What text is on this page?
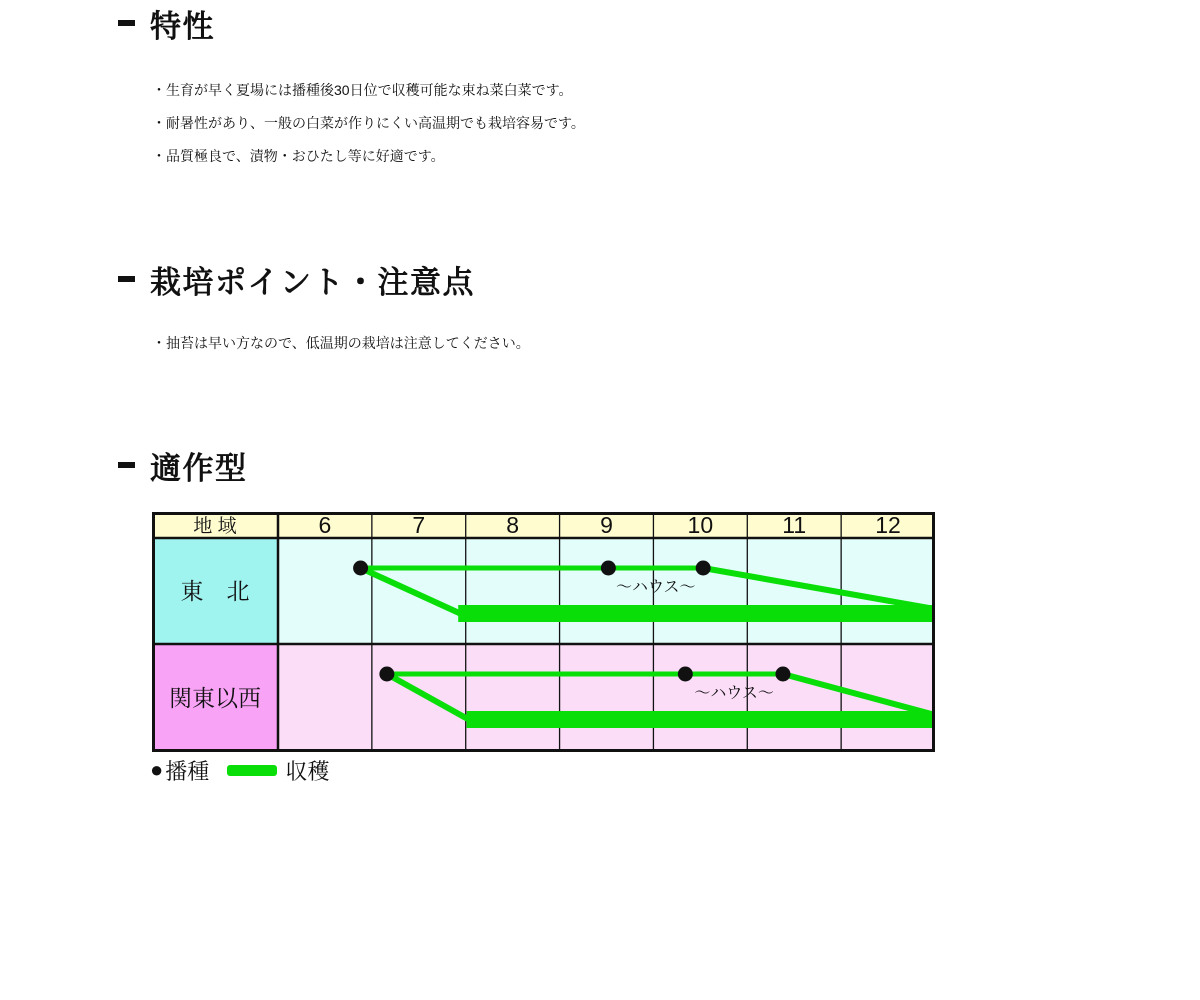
特性
・生育が早く夏場には播種後30日位で収穫可能な束ね菜白菜です。
・耐暑性があり、一般の白菜が作りにくい高温期でも栽培容易です。
・品質極良で、漬物・おひたし等に好適です。
栽培ポイント・注意点
・抽苔は早い方なので、低温期の栽培は注意してください。
適作型
地 域	6	7	8	9	10	11	12
〜ハウス〜
東　北
〜ハウス〜
関東以西
● 播種	収穫
